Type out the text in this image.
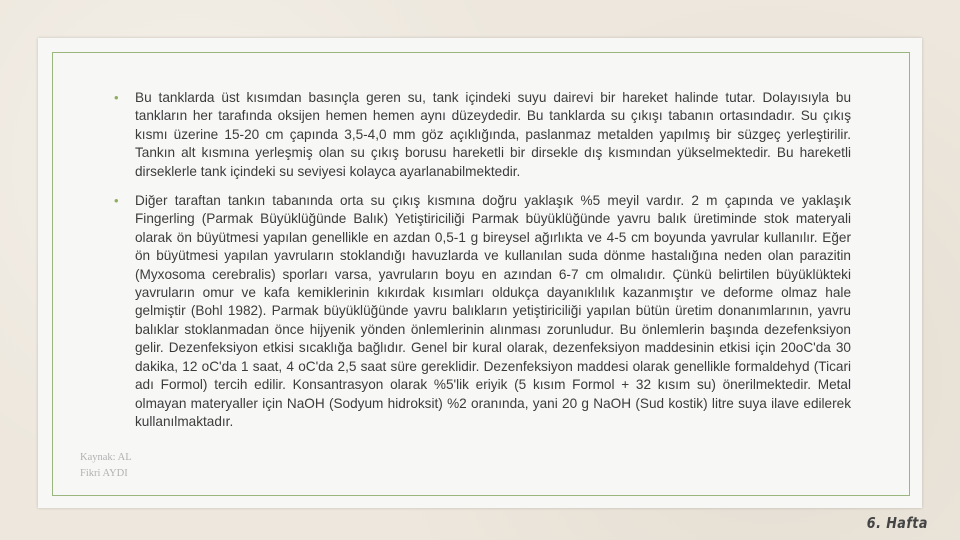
Kaynak: AL
Fikri AYDI
• Bu tanklarda üst kısımdan basınçla geren su, tank içindeki suyu dairevi bir hareket halinde tutar. Dolayısıyla bu tankların her tarafında oksijen hemen hemen aynı düzeydedir. Bu tanklarda su çıkışı tabanın ortasındadır. Su çıkış kısmı üzerine 15-20 cm çapında 3,5-4,0 mm göz açıklığında, paslanmaz metalden yapılmış bir süzgeç yerleştirilir. Tankın alt kısmına yerleşmiş olan su çıkış borusu hareketli bir dirsekle dış kısmından yükselmektedir. Bu hareketli dirseklerle tank içindeki su seviyesi kolayca ayarlanabilmektedir.
• Diğer taraftan tankın tabanında orta su çıkış kısmına doğru yaklaşık %5 meyil vardır. 2 m çapında ve yaklaşık Fingerling (Parmak Büyüklüğünde Balık) Yetiştiriciliği Parmak büyüklüğünde yavru balık üretiminde stok materyali olarak ön büyütmesi yapılan genellikle en azdan 0,5-1 g bireysel ağırlıkta ve 4-5 cm boyunda yavrular kullanılır. Eğer ön büyütmesi yapılan yavruların stoklandığı havuzlarda ve kullanılan suda dönme hastalığına neden olan parazitin (Myxosoma cerebralis) sporları varsa, yavruların boyu en azından 6-7 cm olmalıdır. Çünkü belirtilen büyüklükteki yavruların omur ve kafa kemiklerinin kıkırdak kısımları oldukça dayanıklılık kazanmıştır ve deforme olmaz hale gelmiştir (Bohl 1982). Parmak büyüklüğünde yavru balıkların yetiştiriciliği yapılan bütün üretim donanımlarının, yavru balıklar stoklanmadan önce hijyenik yönden önlemlerinin alınması zorunludur. Bu önlemlerin başında dezefenksiyon gelir. Dezenfeksiyon etkisi sıcaklığa bağlıdır. Genel bir kural olarak, dezenfeksiyon maddesinin etkisi için 20oC'da 30 dakika, 12 oC'da 1 saat, 4 oC'da 2,5 saat süre gereklidir. Dezenfeksiyon maddesi olarak genellikle formaldehyd (Ticari adı Formol) tercih edilir. Konsantrasyon olarak %5'lik eriyik (5 kısım Formol + 32 kısım su) önerilmektedir. Metal olmayan materyaller için NaOH (Sodyum hidroksit) %2 oranında, yani 20 g NaOH (Sud kostik) litre suya ilave edilerek kullanılmaktadır.
6. Hafta
